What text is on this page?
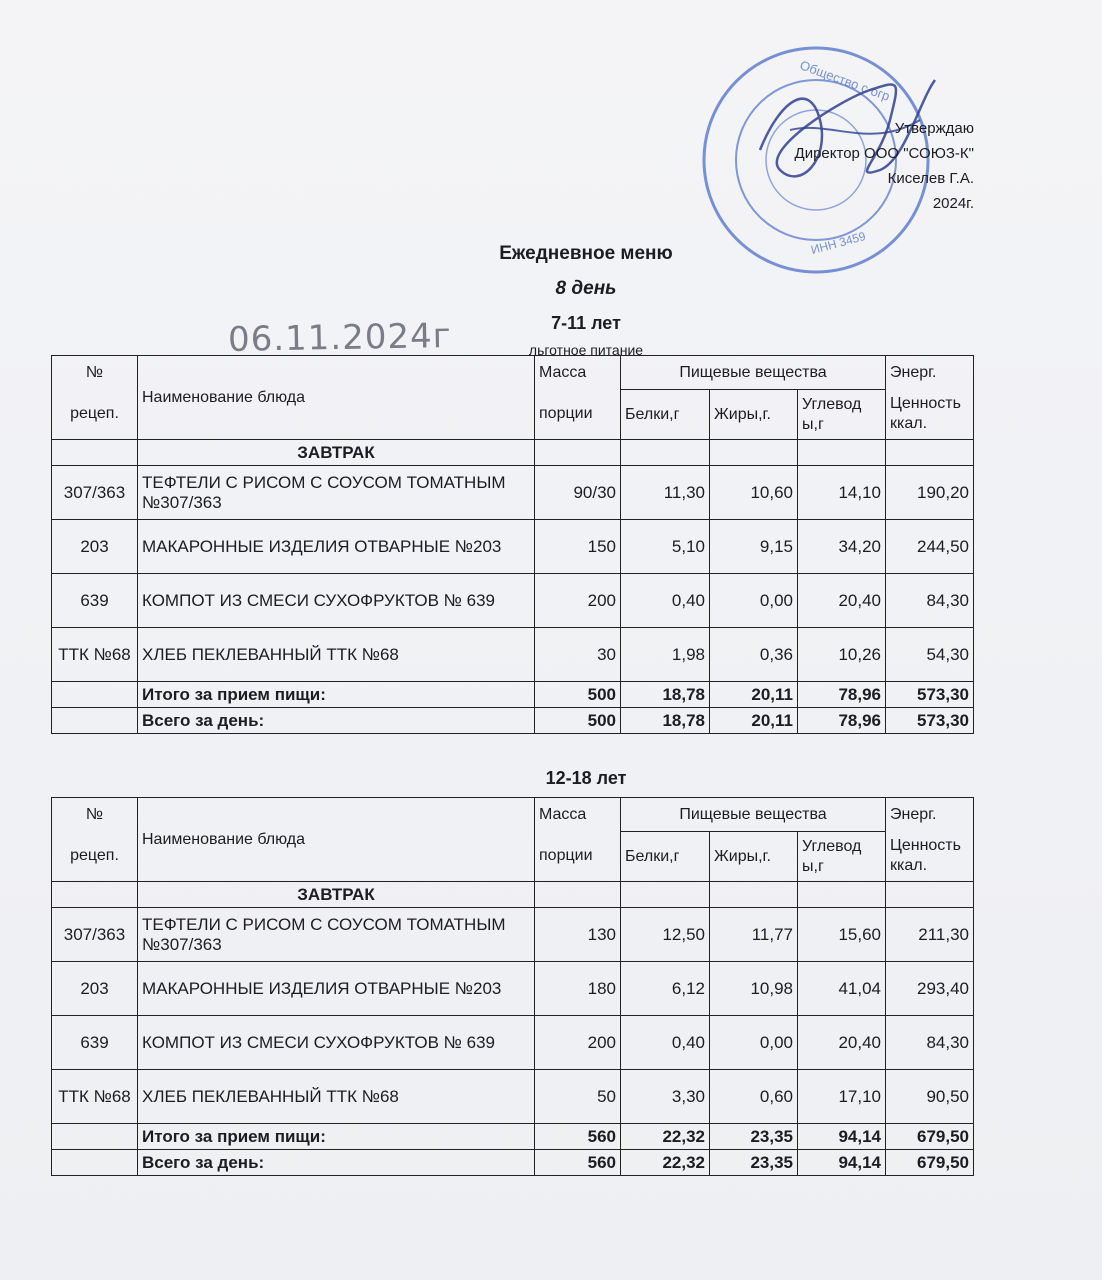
Общество с огр
ИНН 3459
Утверждаю
Директор ООО "СОЮЗ-К"
Киселев Г.А.
2024г.
Ежедневное меню
8 день
7-11 лет
льготное питание
06.11.2024г
12-18 лет
№	Наименование блюда	Масса	Пищевые вещества			Энерг.
рецеп.		порции	Белки,г	Жиры,г.	Углевод ы,г	Ценность ккал.
	ЗАВТРАК					
307/363	ТЕФТЕЛИ С РИСОМ С СОУСОМ ТОМАТНЫМ №307/363	90/30	11,30	10,60	14,10	190,20
203	МАКАРОННЫЕ ИЗДЕЛИЯ ОТВАРНЫЕ №203	150	5,10	9,15	34,20	244,50
639	КОМПОТ ИЗ СМЕСИ СУХОФРУКТОВ № 639	200	0,40	0,00	20,40	84,30
ТТК №68	ХЛЕБ ПЕКЛЕВАННЫЙ ТТК №68	30	1,98	0,36	10,26	54,30
	Итого за прием пищи:	500	18,78	20,11	78,96	573,30
	Всего за день:	500	18,78	20,11	78,96	573,30
№	Наименование блюда	Масса	Пищевые вещества			Энерг.
рецеп.		порции	Белки,г	Жиры,г.	Углевод ы,г	Ценность ккал.
	ЗАВТРАК					
307/363	ТЕФТЕЛИ С РИСОМ С СОУСОМ ТОМАТНЫМ №307/363	130	12,50	11,77	15,60	211,30
203	МАКАРОННЫЕ ИЗДЕЛИЯ ОТВАРНЫЕ №203	180	6,12	10,98	41,04	293,40
639	КОМПОТ ИЗ СМЕСИ СУХОФРУКТОВ № 639	200	0,40	0,00	20,40	84,30
ТТК №68	ХЛЕБ ПЕКЛЕВАННЫЙ ТТК №68	50	3,30	0,60	17,10	90,50
	Итого за прием пищи:	560	22,32	23,35	94,14	679,50
	Всего за день:	560	22,32	23,35	94,14	679,50
